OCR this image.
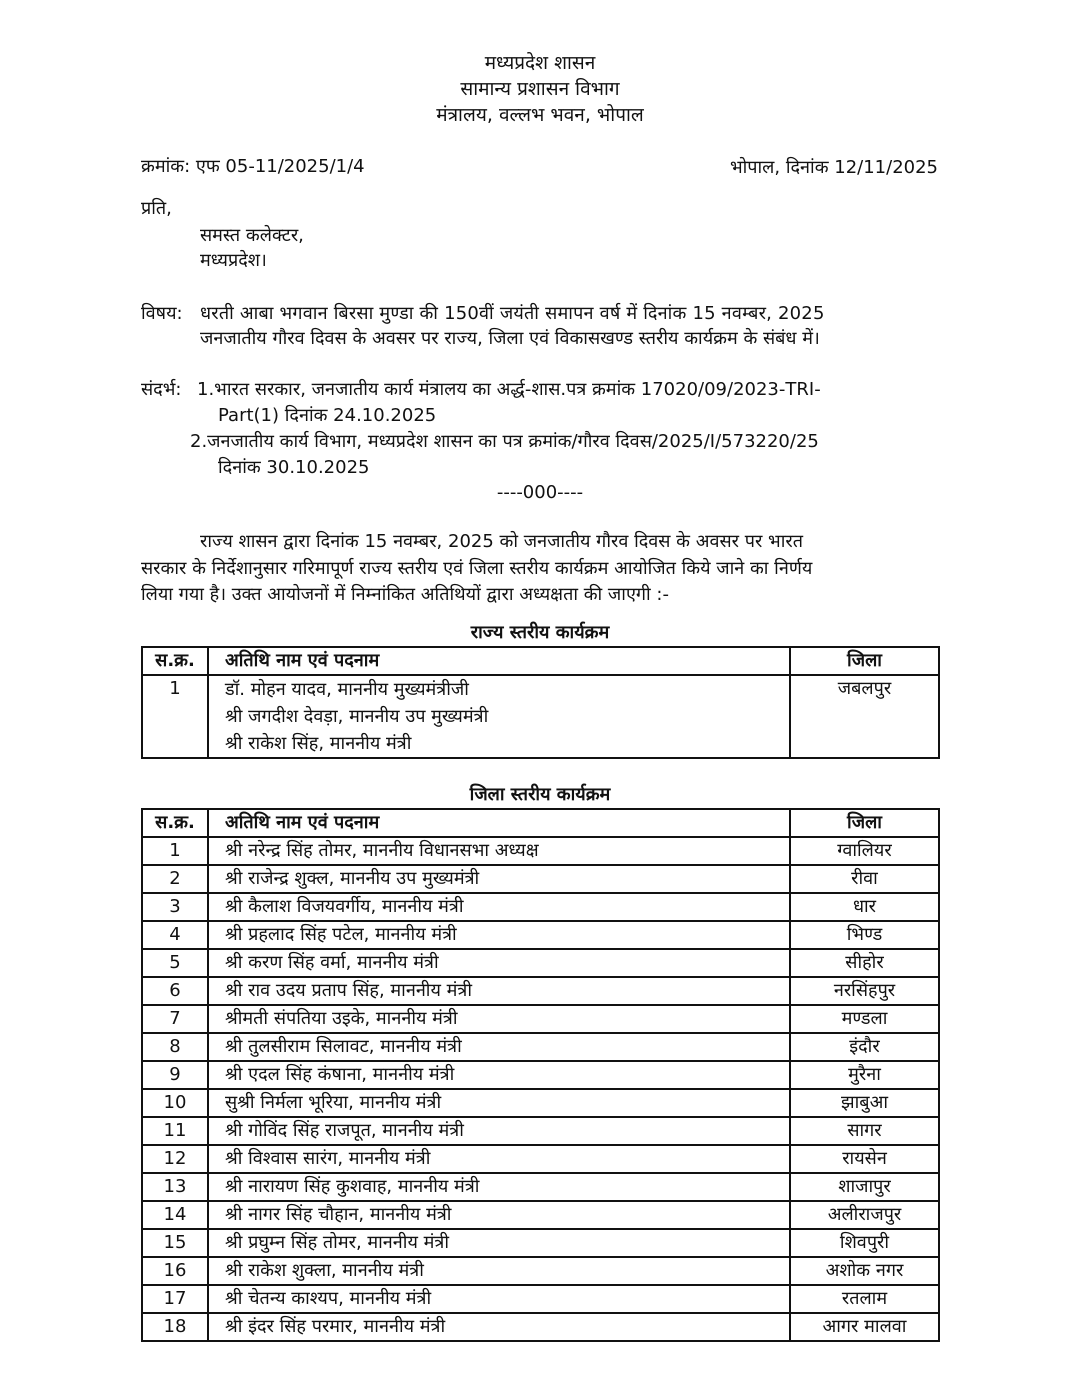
मध्यप्रदेश शासन
सामान्य प्रशासन विभाग
मंत्रालय, वल्लभ भवन, भोपाल
क्रमांक: एफ 05-11/2025/1/4	भोपाल, दिनांक 12/11/2025
प्रति,
समस्त कलेक्टर,
मध्यप्रदेश।
विषय: धरती आबा भगवान बिरसा मुण्डा की 150वीं जयंती समापन वर्ष में दिनांक 15 नवम्बर, 2025
जनजातीय गौरव दिवस के अवसर पर राज्य, जिला एवं विकासखण्ड स्तरीय कार्यक्रम के संबंध में।
संदर्भ: 1.भारत सरकार, जनजातीय कार्य मंत्रालय का अर्द्ध-शास.पत्र क्रमांक 17020/09/2023-TRI-
Part(1) दिनांक 24.10.2025
2.जनजातीय कार्य विभाग, मध्यप्रदेश शासन का पत्र क्रमांक/गौरव दिवस/2025/I/573220/25
दिनांक 30.10.2025
----000----
राज्य शासन द्वारा दिनांक 15 नवम्बर, 2025 को जनजातीय गौरव दिवस के अवसर पर भारत
सरकार के निर्देशानुसार गरिमापूर्ण राज्य स्तरीय एवं जिला स्तरीय कार्यक्रम आयोजित किये जाने का निर्णय
लिया गया है। उक्त आयोजनों में निम्नांकित अतिथियों द्वारा अध्यक्षता की जाएगी :-
राज्य स्तरीय कार्यक्रम
स.क्र.	अतिथि नाम एवं पदनाम	जिला
1	डॉ. मोहन यादव, माननीय मुख्यमंत्रीजी
श्री जगदीश देवड़ा, माननीय उप मुख्यमंत्री
श्री राकेश सिंह, माननीय मंत्री	जबलपुर
जिला स्तरीय कार्यक्रम
स.क्र.	अतिथि नाम एवं पदनाम	जिला
1	श्री नरेन्द्र सिंह तोमर, माननीय विधानसभा अध्यक्ष	ग्वालियर
2	श्री राजेन्द्र शुक्ल, माननीय उप मुख्यमंत्री	रीवा
3	श्री कैलाश विजयवर्गीय, माननीय मंत्री	धार
4	श्री प्रहलाद सिंह पटेल, माननीय मंत्री	भिण्ड
5	श्री करण सिंह वर्मा, माननीय मंत्री	सीहोर
6	श्री राव उदय प्रताप सिंह, माननीय मंत्री	नरसिंहपुर
7	श्रीमती संपतिया उइके, माननीय मंत्री	मण्डला
8	श्री तुलसीराम सिलावट, माननीय मंत्री	इंदौर
9	श्री एदल सिंह कंषाना, माननीय मंत्री	मुरैना
10	सुश्री निर्मला भूरिया, माननीय मंत्री	झाबुआ
11	श्री गोविंद सिंह राजपूत, माननीय मंत्री	सागर
12	श्री विश्वास सारंग, माननीय मंत्री	रायसेन
13	श्री नारायण सिंह कुशवाह, माननीय मंत्री	शाजापुर
14	श्री नागर सिंह चौहान, माननीय मंत्री	अलीराजपुर
15	श्री प्रघुम्न सिंह तोमर, माननीय मंत्री	शिवपुरी
16	श्री राकेश शुक्ला, माननीय मंत्री	अशोक नगर
17	श्री चेतन्य काश्यप, माननीय मंत्री	रतलाम
18	श्री इंदर सिंह परमार, माननीय मंत्री	आगर मालवा
